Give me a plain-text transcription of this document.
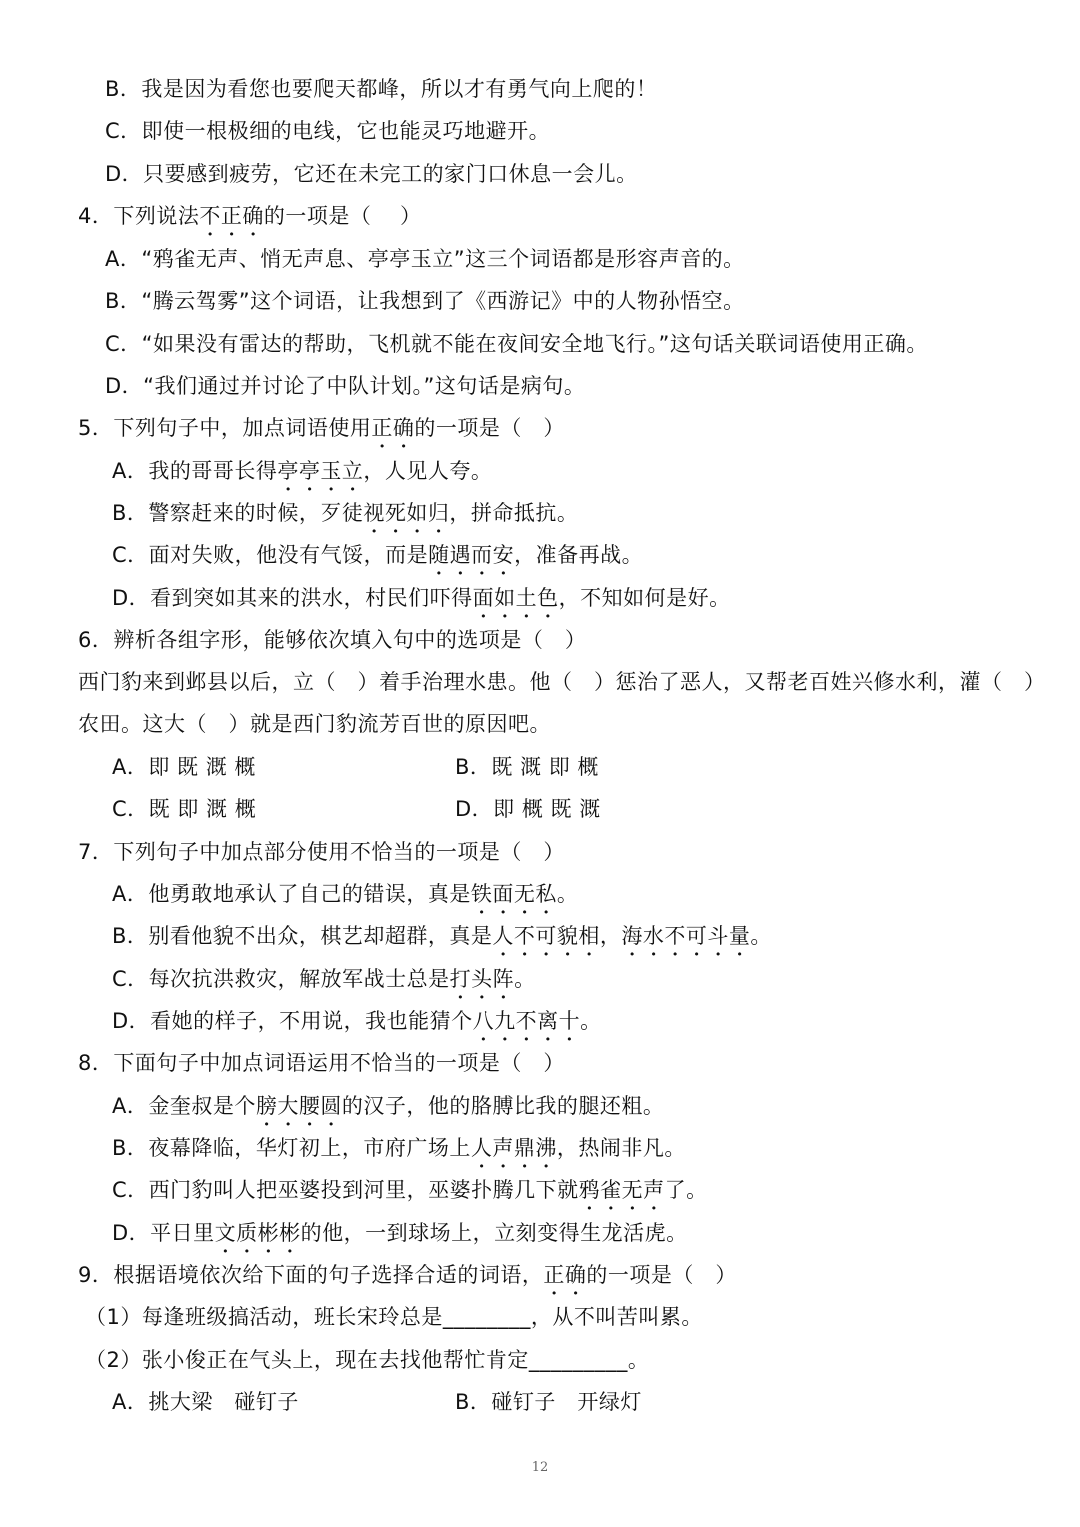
B．我是因为看您也要爬天都峰，所以才有勇气向上爬的！
C．即使一根极细的电线，它也能灵巧地避开。
D．只要感到疲劳，它还在未完工的家门口休息一会儿。
4．下列说法不正确的一项是（　 ）
A．“鸦雀无声、悄无声息、亭亭玉立”这三个词语都是形容声音的。
B．“腾云驾雾”这个词语，让我想到了《西游记》中的人物孙悟空。
C．“如果没有雷达的帮助，飞机就不能在夜间安全地飞行。”这句话关联词语使用正确。
D．“我们通过并讨论了中队计划。”这句话是病句。
5．下列句子中，加点词语使用正确的一项是（　）
A．我的哥哥长得亭亭玉立，人见人夸。
B．警察赶来的时候，歹徒视死如归，拼命抵抗。
C．面对失败，他没有气馁，而是随遇而安，准备再战。
D．看到突如其来的洪水，村民们吓得面如土色，不知如何是好。
6．辨析各组字形，能够依次填入句中的选项是（　）
西门豹来到邺县以后，立（　）着手治理水患。他（　）惩治了恶人，又帮老百姓兴修水利，灌（　）
农田。这大（　）就是西门豹流芳百世的原因吧。
A．即 既 溉 概	B．既 溉 即 概
C．既 即 溉 概	D．即 概 既 溉
7．下列句子中加点部分使用不恰当的一项是（　）
A．他勇敢地承认了自己的错误，真是铁面无私。
B．别看他貌不出众，棋艺却超群，真是人不可貌相，海水不可斗量。
C．每次抗洪救灾，解放军战士总是打头阵。
D．看她的样子，不用说，我也能猜个八九不离十。
8．下面句子中加点词语运用不恰当的一项是（　）
A．金奎叔是个膀大腰圆的汉子，他的胳膊比我的腿还粗。
B．夜幕降临，华灯初上，市府广场上人声鼎沸，热闹非凡。
C．西门豹叫人把巫婆投到河里，巫婆扑腾几下就鸦雀无声了。
D．平日里文质彬彬的他，一到球场上，立刻变得生龙活虎。
9．根据语境依次给下面的句子选择合适的词语，正确的一项是（　）
（1）每逢班级搞活动，班长宋玲总是________，从不叫苦叫累。
（2）张小俊正在气头上，现在去找他帮忙肯定_________。
A．挑大梁　碰钉子	B．碰钉子　开绿灯
12
